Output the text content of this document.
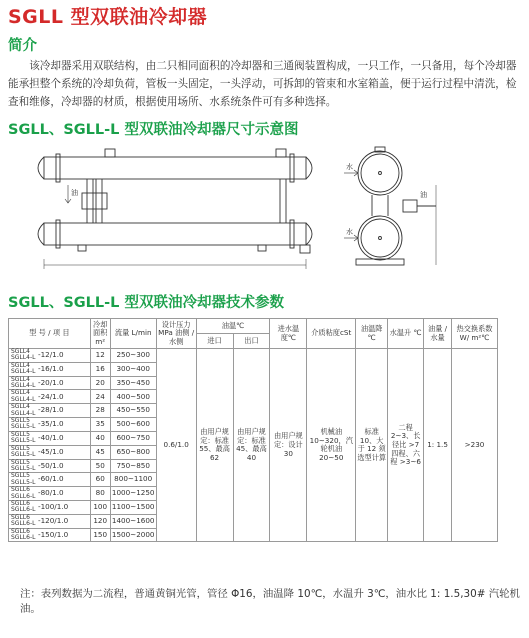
SGLL 型双联油冷却器
简介
该冷却器采用双联结构，由二只相同面积的冷却器和三通阀装置构成，一只工作，一只备用，每个冷却器能承担整个系统的冷却负荷，管板一头固定，一头浮动，可拆卸的管束和水室箱盖，便于运行过程中清洗，检查和维修，冷却器的材质，根据使用场所、水系统条件可有多种选择。
SGLL、SGLL-L 型双联油冷却器尺寸示意图
油
水
水
油
SGLL、SGLL-L 型双联油冷却器技术参数
型 号 / 项 目	冷却面积 m²	流量 L/min	设计压力MPa 油侧 / 水侧	油温℃		进水温度℃	介质粘度cSt	油温降 ℃	水温升 ℃	油量 / 水量	热交换系数 W/ m²℃
				进口	出口						
SGLL4
SGLL4-L -12/1.0	12	250~300	0.6/1.0	由用户规定：标准 55、最高 62	由用户规定：标准 45、最高 40	由用户规定：设计 30	机械油 10~320，汽轮机油 20~50	标准 10、大于 12 须选型计算	二程 2~3、长径比 >7 四程、六程 >3~6	1: 1.5	>230
SGLL4
SGLL4-L -16/1.0	16	300~400									
SGLL4
SGLL4-L -20/1.0	20	350~450									
SGLL4
SGLL4-L -24/1.0	24	400~500									
SGLL4
SGLL4-L -28/1.0	28	450~550									
SGLL5
SGLL5-L -35/1.0	35	500~600									
SGLL5
SGLL5-L -40/1.0	40	600~750									
SGLL5
SGLL5-L -45/1.0	45	650~800									
SGLL5
SGLL5-L -50/1.0	50	750~850									
SGLL5
SGLL5-L -60/1.0	60	800~1100									
SGLL6
SGLL6-L -80/1.0	80	1000~1250									
SGLL6
SGLL6-L -100/1.0	100	1100~1500									
SGLL6
SGLL6-L -120/1.0	120	1400~1600									
SGLL6
SGLL6-L -150/1.0	150	1500~2000									
注：表列数据为二流程，普通黄铜光管，管径 Φ16，油温降 10℃，水温升 3℃，油水比 1: 1.5,30# 汽轮机油。
